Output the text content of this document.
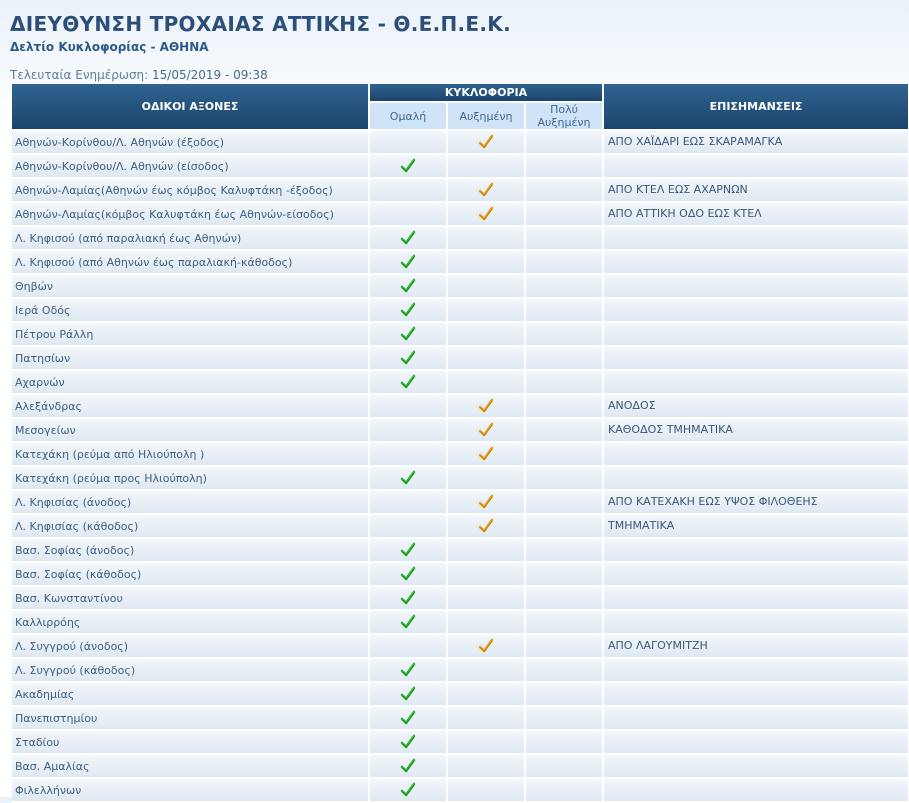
ΔΙΕΥΘΥΝΣΗ ΤΡΟΧΑΙΑΣ ΑΤΤΙΚΗΣ - Θ.Ε.Π.Ε.Κ.
Δελτίο Κυκλοφορίας - ΑΘΗΝΑ
Τελευταία Ενημέρωση: 15/05/2019 - 09:38
ΟΔΙΚΟΙ ΑΞΟΝΕΣ	ΚΥΚΛΟΦΟΡΙΑ			ΕΠΙΣΗΜΑΝΣΕΙΣ
	Ομαλή	Αυξημένη	Πολύ Αυξημένη	
Αθηνών-Κορίνθου/Λ. Αθηνών (έξοδος)				ΑΠΟ ΧΑΪΔΑΡΙ ΕΩΣ ΣΚΑΡΑΜΑΓΚΑ
Αθηνών-Κορίνθου/Λ. Αθηνών (είσοδος)				
Αθηνών-Λαμίας(Αθηνών έως κόμβος Καλυφτάκη -έξοδος)				ΑΠΟ ΚΤΕΛ ΕΩΣ ΑΧΑΡΝΩΝ
Αθηνών-Λαμίας(κόμβος Καλυφτάκη έως Αθηνών-είσοδος)				ΑΠΟ ΑΤΤΙΚΗ ΟΔΟ ΕΩΣ ΚΤΕΛ
Λ. Κηφισού (από παραλιακή έως Αθηνών)				
Λ. Κηφισού (από Αθηνών έως παραλιακή-κάθοδος)				
Θηβών				
Ιερά Οδός				
Πέτρου Ράλλη				
Πατησίων				
Αχαρνών				
Αλεξάνδρας				ΑΝΟΔΟΣ
Μεσογείων				ΚΑΘΟΔΟΣ ΤΜΗΜΑΤΙΚΑ
Κατεχάκη (ρεύμα από Ηλιούπολη )				
Κατεχάκη (ρεύμα προς Ηλιούπολη)				
Λ. Κηφισίας (άνοδος)				ΑΠΟ ΚΑΤΕΧΑΚΗ ΕΩΣ ΥΨΟΣ ΦΙΛΟΘΕΗΣ
Λ. Κηφισίας (κάθοδος)				ΤΜΗΜΑΤΙΚΑ
Βασ. Σοφίας (άνοδος)				
Βασ. Σοφίας (κάθοδος)				
Βασ. Κωνσταντίνου				
Καλλιρρόης				
Λ. Συγγρού (άνοδος)				ΑΠΟ ΛΑΓΟΥΜΙΤΖΗ
Λ. Συγγρού (κάθοδος)				
Ακαδημίας				
Πανεπιστημίου				
Σταδίου				
Βασ. Αμαλίας				
Φιλελλήνων				
